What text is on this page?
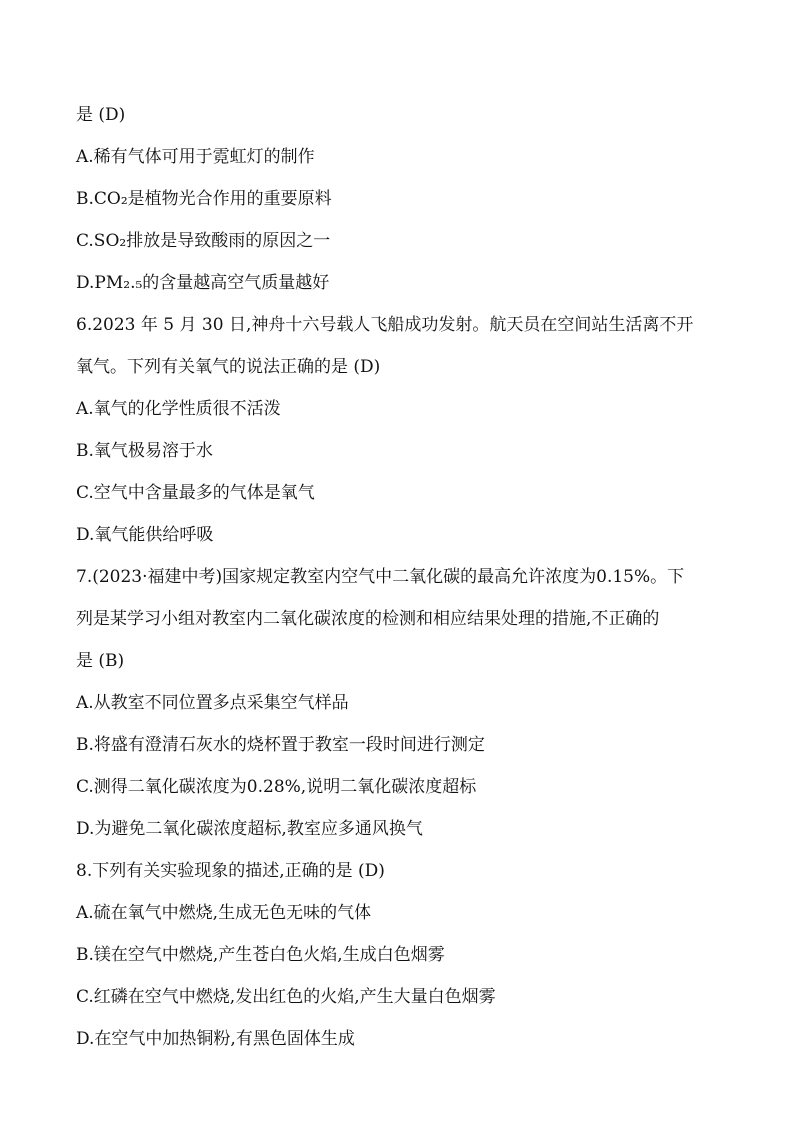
是 (D)
A.稀有气体可用于霓虹灯的制作
B.CO₂是植物光合作用的重要原料
C.SO₂排放是导致酸雨的原因之一
D.PM₂.₅的含量越高空气质量越好
6.2023 年 5 月 30 日,神舟十六号载人飞船成功发射。航天员在空间站生活离不开
氧气。下列有关氧气的说法正确的是 (D)
A.氧气的化学性质很不活泼
B.氧气极易溶于水
C.空气中含量最多的气体是氧气
D.氧气能供给呼吸
7.(2023·福建中考)国家规定教室内空气中二氧化碳的最高允许浓度为0.15%。下
列是某学习小组对教室内二氧化碳浓度的检测和相应结果处理的措施,不正确的
是 (B)
A.从教室不同位置多点采集空气样品
B.将盛有澄清石灰水的烧杯置于教室一段时间进行测定
C.测得二氧化碳浓度为0.28%,说明二氧化碳浓度超标
D.为避免二氧化碳浓度超标,教室应多通风换气
8.下列有关实验现象的描述,正确的是 (D)
A.硫在氧气中燃烧,生成无色无味的气体
B.镁在空气中燃烧,产生苍白色火焰,生成白色烟雾
C.红磷在空气中燃烧,发出红色的火焰,产生大量白色烟雾
D.在空气中加热铜粉,有黑色固体生成
